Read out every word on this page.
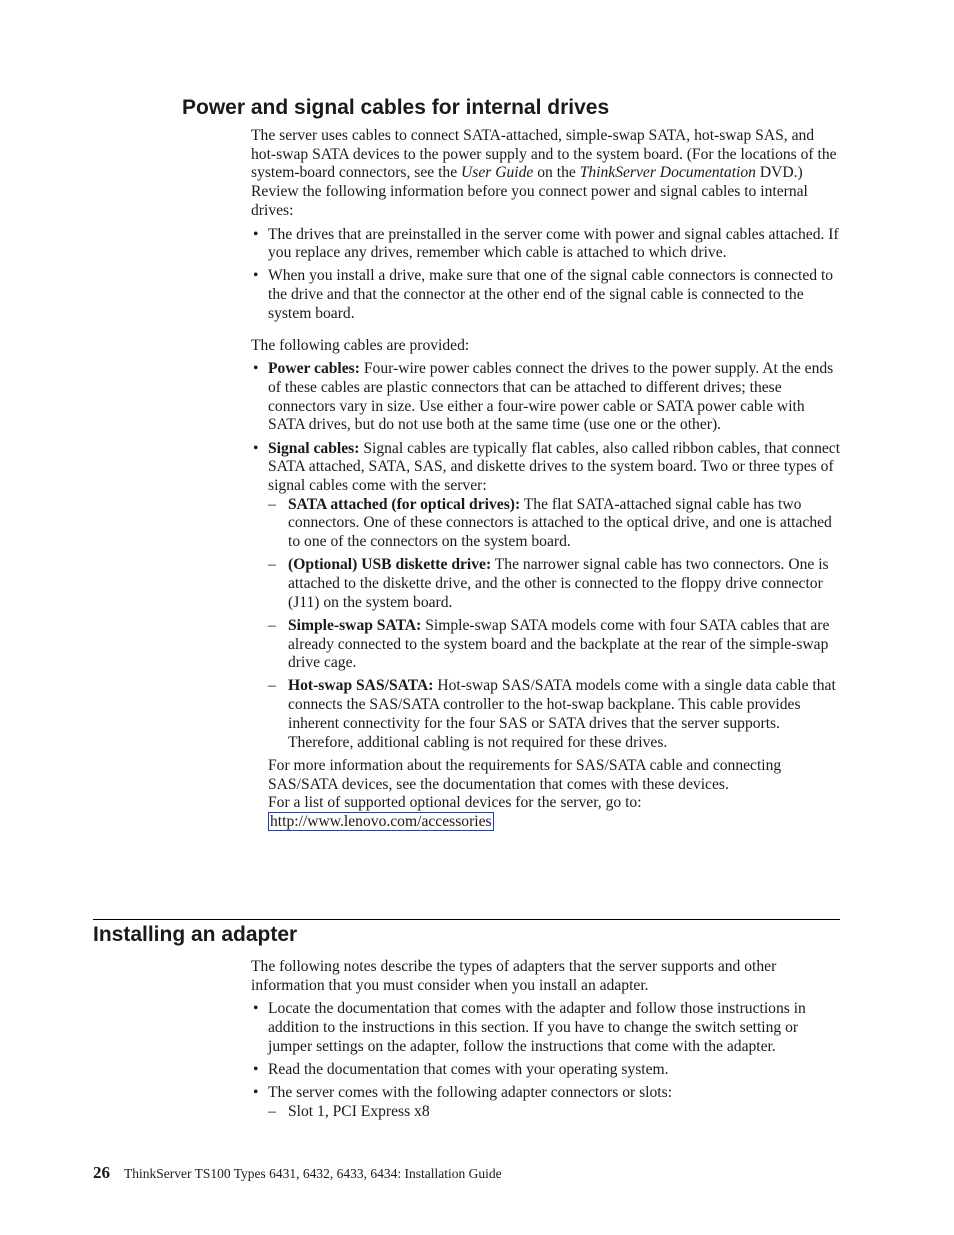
Power and signal cables for internal drives

The server uses cables to connect SATA-attached, simple-swap SATA, hot-swap SAS, and hot-swap SATA devices to the power supply and to the system board. (For the locations of the system-board connectors, see the User Guide on the ThinkServer Documentation DVD.) Review the following information before you connect power and signal cables to internal drives:

• The drives that are preinstalled in the server come with power and signal cables attached. If you replace any drives, remember which cable is attached to which drive.
• When you install a drive, make sure that one of the signal cable connectors is connected to the drive and that the connector at the other end of the signal cable is connected to the system board.

The following cables are provided:

• Power cables: Four-wire power cables connect the drives to the power supply. At the ends of these cables are plastic connectors that can be attached to different drives; these connectors vary in size. Use either a four-wire power cable or SATA power cable with SATA drives, but do not use both at the same time (use one or the other).
• Signal cables: Signal cables are typically flat cables, also called ribbon cables, that connect SATA attached, SATA, SAS, and diskette drives to the system board. Two or three types of signal cables come with the server:
– SATA attached (for optical drives): The flat SATA-attached signal cable has two connectors. One of these connectors is attached to the optical drive, and one is attached to one of the connectors on the system board.
– (Optional) USB diskette drive: The narrower signal cable has two connectors. One is attached to the diskette drive, and the other is connected to the floppy drive connector (J11) on the system board.
– Simple-swap SATA: Simple-swap SATA models come with four SATA cables that are already connected to the system board and the backplate at the rear of the simple-swap drive cage.
– Hot-swap SAS/SATA: Hot-swap SAS/SATA models come with a single data cable that connects the SAS/SATA controller to the hot-swap backplane. This cable provides inherent connectivity for the four SAS or SATA drives that the server supports. Therefore, additional cabling is not required for these drives.

For more information about the requirements for SAS/SATA cable and connecting SAS/SATA devices, see the documentation that comes with these devices.

For a list of supported optional devices for the server, go to:
http://www.lenovo.com/accessories

Installing an adapter

The following notes describe the types of adapters that the server supports and other information that you must consider when you install an adapter.

• Locate the documentation that comes with the adapter and follow those instructions in addition to the instructions in this section. If you have to change the switch setting or jumper settings on the adapter, follow the instructions that come with the adapter.
• Read the documentation that comes with your operating system.
• The server comes with the following adapter connectors or slots:
– Slot 1, PCI Express x8
26 ThinkServer TS100 Types 6431, 6432, 6433, 6434: Installation Guide
